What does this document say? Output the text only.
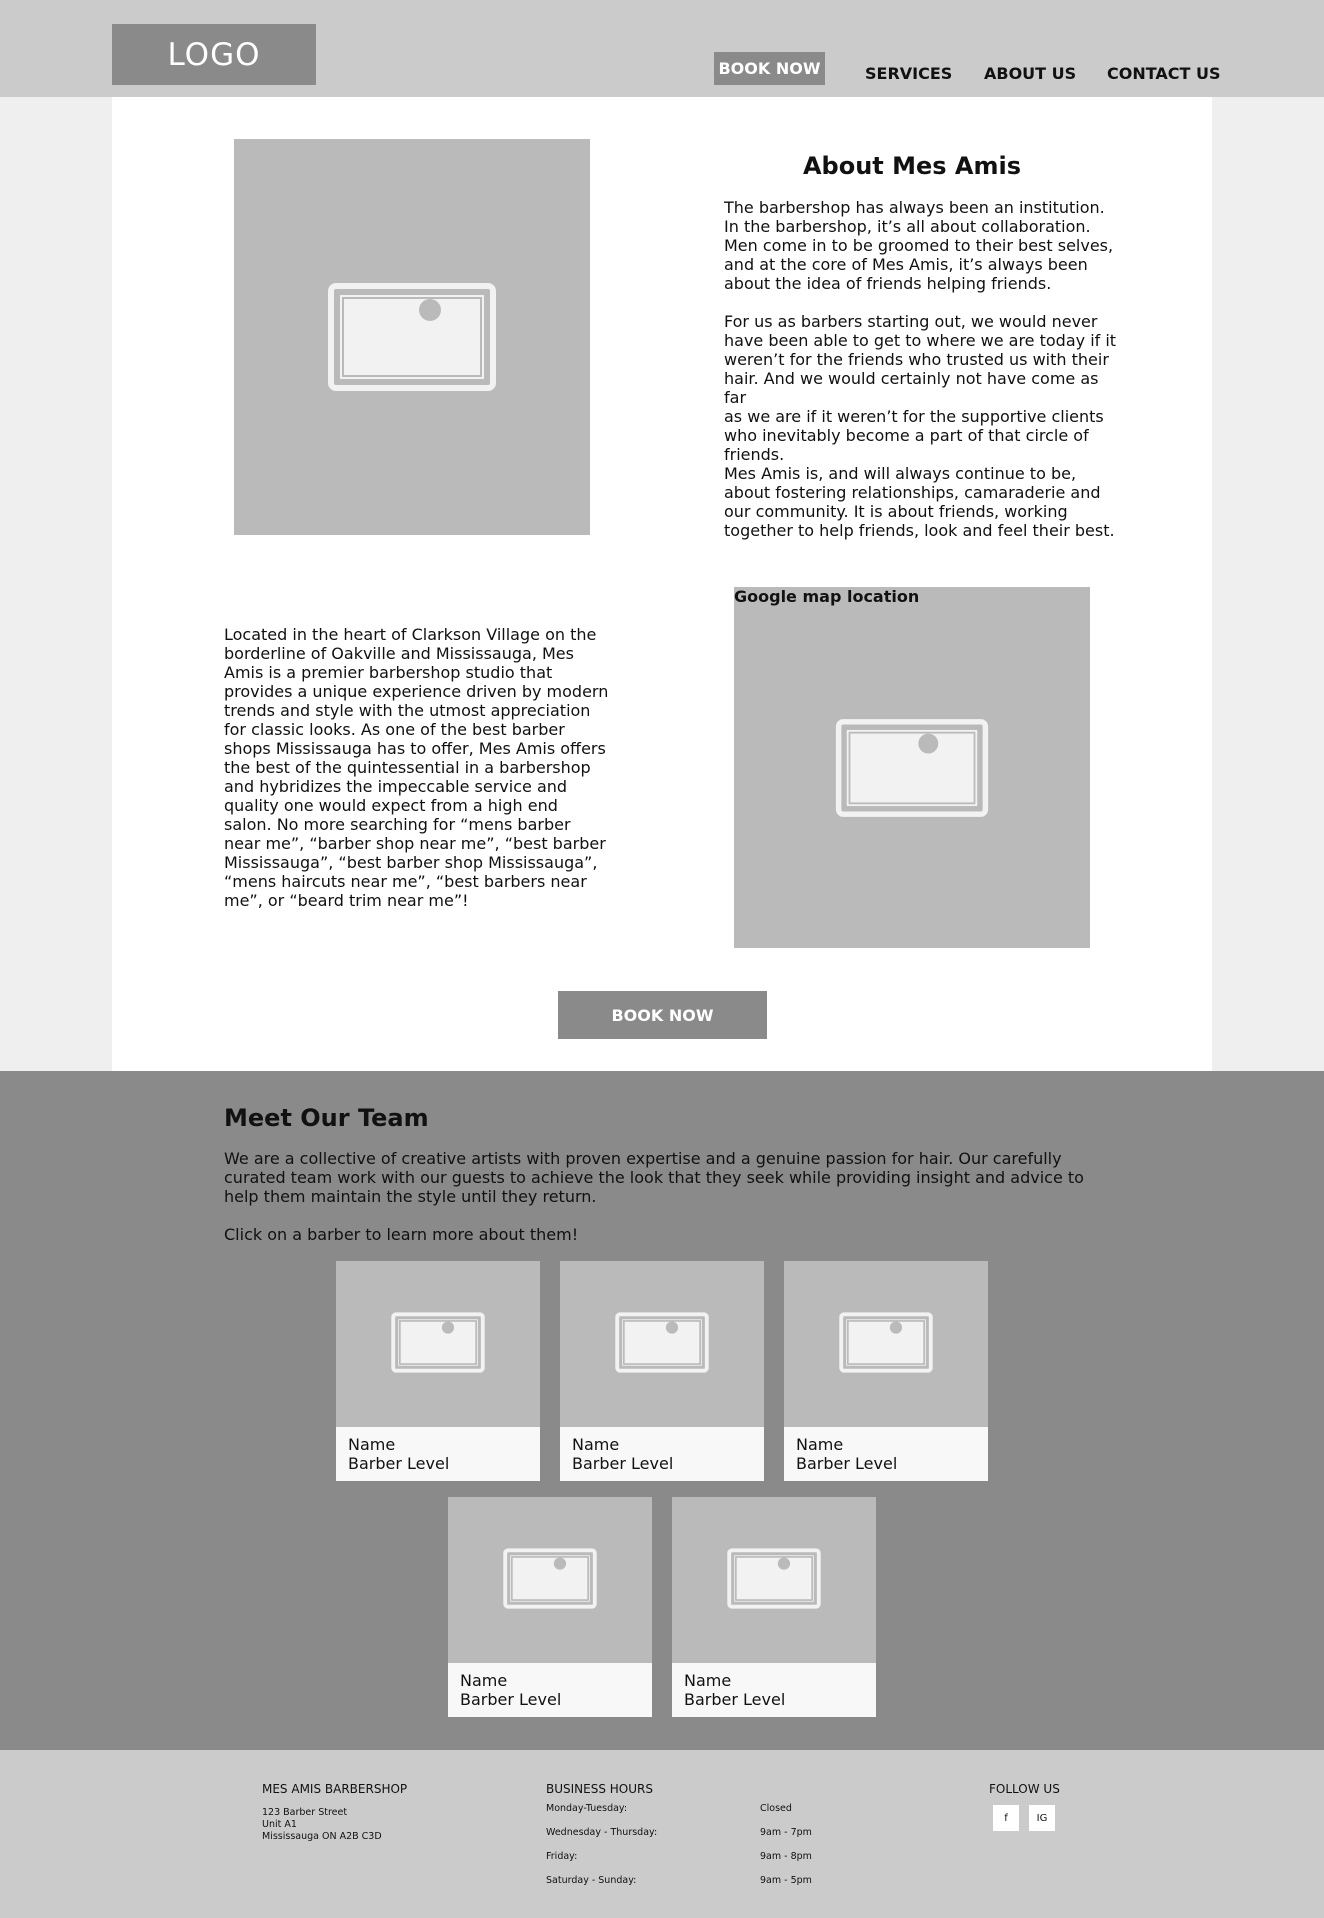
LOGO	BOOK NOW	SERVICES ABOUT US CONTACT US
About Mes Amis
The barbershop has always been an institution.
In the barbershop, it’s all about collaboration.
Men come in to be groomed to their best selves,
and at the core of Mes Amis, it’s always been
about the idea of friends helping friends.

For us as barbers starting out, we would never
have been able to get to where we are today if it
weren’t for the friends who trusted us with their
hair. And we would certainly not have come as far
as we are if it weren’t for the supportive clients
who inevitably become a part of that circle of
friends.
Mes Amis is, and will always continue to be,
about fostering relationships, camaraderie and
our community. It is about friends, working
together to help friends, look and feel their best.
Located in the heart of Clarkson Village on the borderline of Oakville and Mississauga, Mes Amis is a premier barbershop studio that provides a unique experience driven by modern trends and style with the utmost appreciation for classic looks. As one of the best barber shops Mississauga has to offer, Mes Amis offers the best of the quintessential in a barbershop and hybridizes the impeccable service and quality one would expect from a high end salon. No more searching for “mens barber near me”, “barber shop near me”, “best barber Mississauga”, “best barber shop Mississauga”, “mens haircuts near me”, “best barbers near me”, or “beard trim near me”!
Google map location
BOOK NOW
Meet Our Team
We are a collective of creative artists with proven expertise and a genuine passion for hair. Our carefully curated team work with our guests to achieve the look that they seek while providing insight and advice to help them maintain the style until they return.
Click on a barber to learn more about them!
Name
Barber Level
Name
Barber Level
Name
Barber Level
Name
Barber Level
Name
Barber Level
MES AMIS BARBERSHOP
123 Barber Street
Unit A1
Mississauga ON A2B C3D
BUSINESS HOURS
Monday-Tuesday:	Closed
Wednesday - Thursday:	9am - 7pm
Friday:	9am - 8pm
Saturday - Sunday:	9am - 5pm
FOLLOW US
f	IG
